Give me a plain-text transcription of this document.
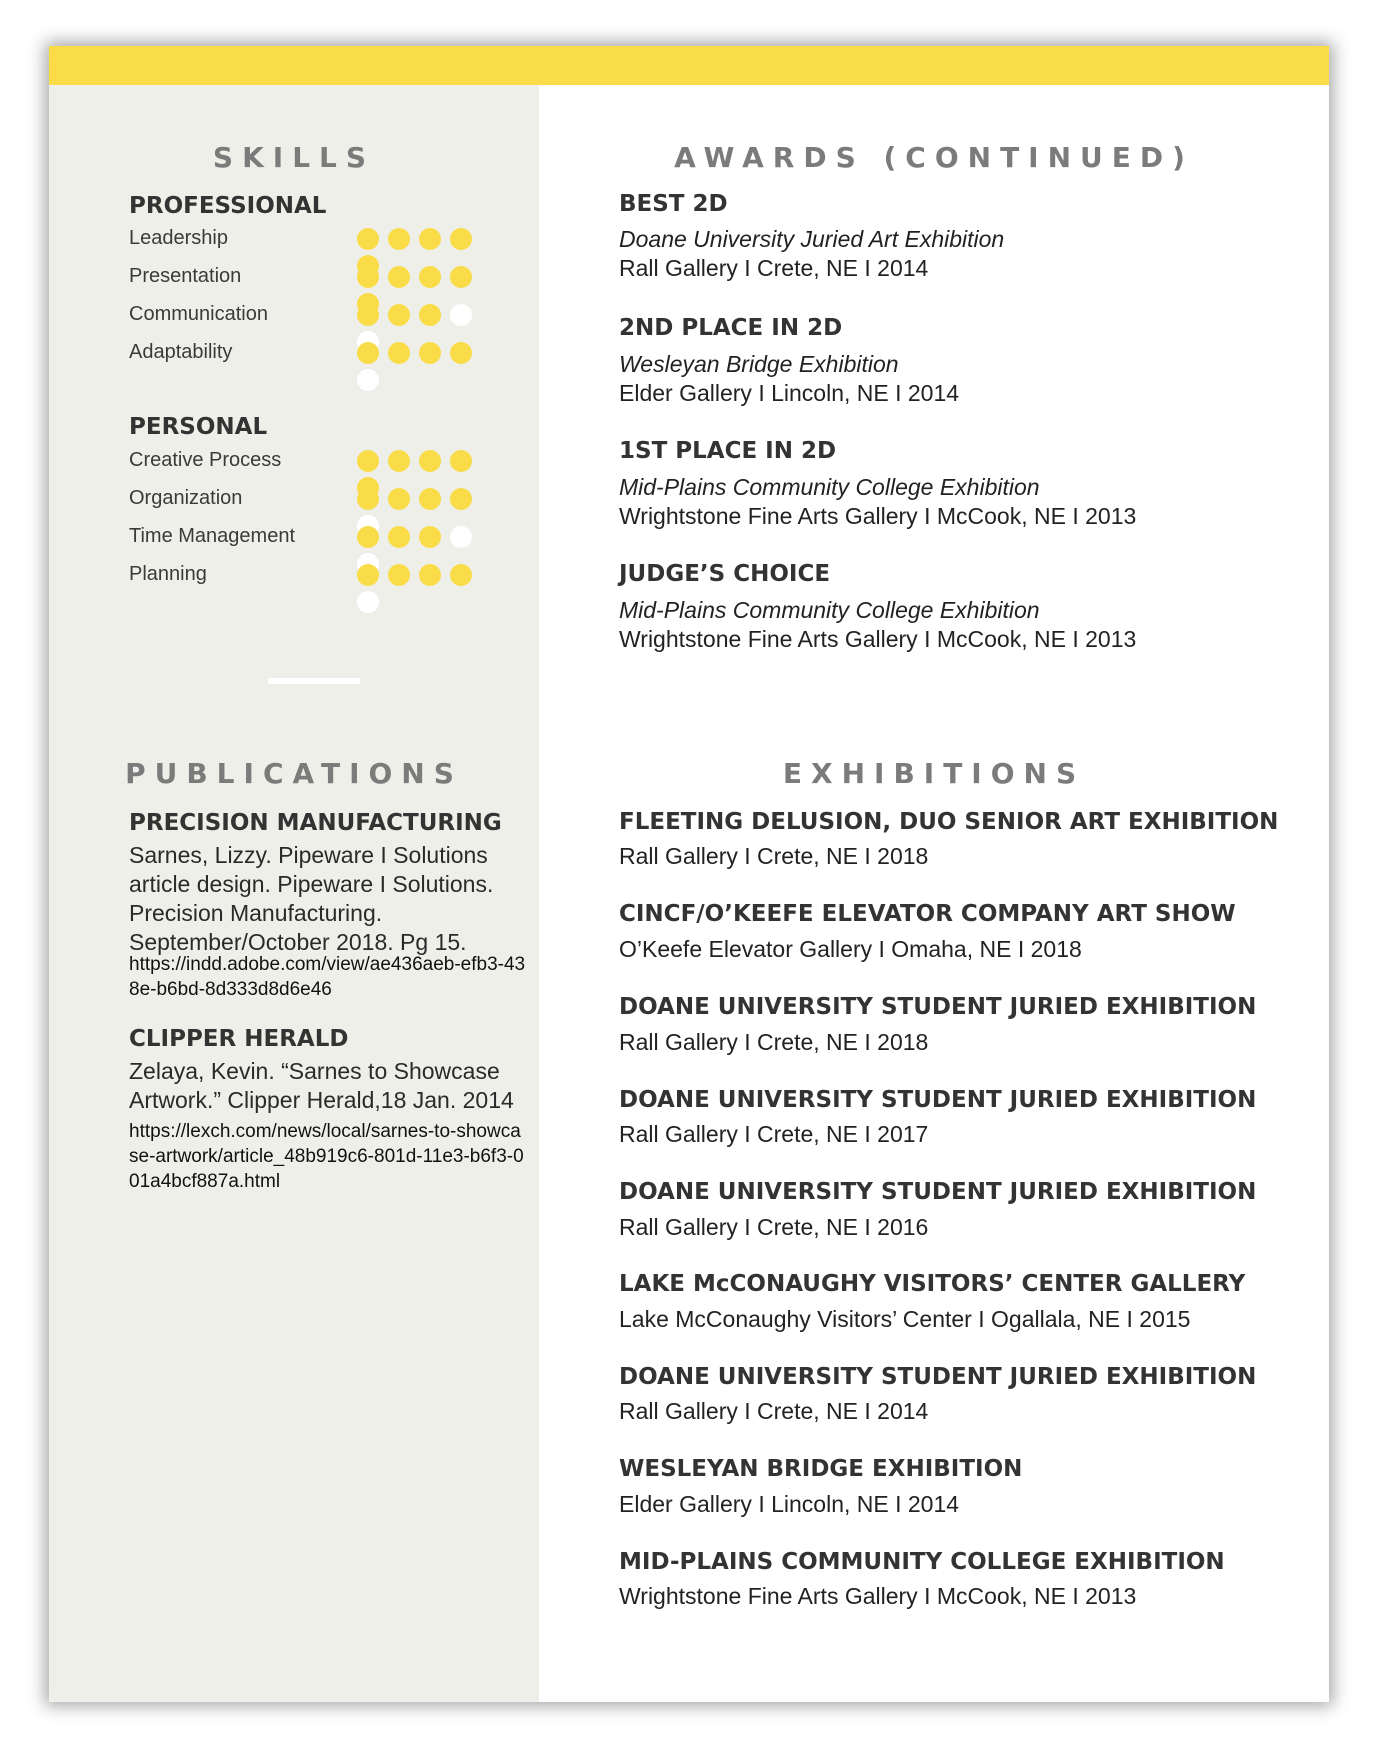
SKILLS
PROFESSIONAL
Leadership
Presentation
Communication
Adaptability
PERSONAL
Creative Process
Organization
Time Management
Planning
PUBLICATIONS
PRECISION MANUFACTURING
Sarnes, Lizzy. Pipeware I Solutions article design. Pipeware I Solutions. Precision Manufacturing. September/October 2018. Pg 15.
https://indd.adobe.com/view/ae436aeb-efb3-438e-b6bd-8d333d8d6e46
CLIPPER HERALD
Zelaya, Kevin. “Sarnes to Showcase Artwork.” Clipper Herald,18 Jan. 2014
https://lexch.com/news/local/sarnes-to-showcase-artwork/article_48b919c6-801d-11e3-b6f3-001a4bcf887a.html
AWARDS (CONTINUED)
BEST 2D
Doane University Juried Art Exhibition
Rall Gallery I Crete, NE I 2014
2ND PLACE IN 2D
Wesleyan Bridge Exhibition
Elder Gallery I Lincoln, NE I 2014
1ST PLACE IN 2D
Mid-Plains Community College Exhibition
Wrightstone Fine Arts Gallery I McCook, NE I 2013
JUDGE’S CHOICE
Mid-Plains Community College Exhibition
Wrightstone Fine Arts Gallery I McCook, NE I 2013
EXHIBITIONS
FLEETING DELUSION, DUO SENIOR ART EXHIBITION
Rall Gallery I Crete, NE I 2018
CINCF/O’KEEFE ELEVATOR COMPANY ART SHOW
O’Keefe Elevator Gallery I Omaha, NE I 2018
DOANE UNIVERSITY STUDENT JURIED EXHIBITION
Rall Gallery I Crete, NE I 2018
DOANE UNIVERSITY STUDENT JURIED EXHIBITION
Rall Gallery I Crete, NE I 2017
DOANE UNIVERSITY STUDENT JURIED EXHIBITION
Rall Gallery I Crete, NE I 2016
LAKE McCONAUGHY VISITORS’ CENTER GALLERY
Lake McConaughy Visitors’ Center I Ogallala, NE I 2015
DOANE UNIVERSITY STUDENT JURIED EXHIBITION
Rall Gallery I Crete, NE I 2014
WESLEYAN BRIDGE EXHIBITION
Elder Gallery I Lincoln, NE I 2014
MID-PLAINS COMMUNITY COLLEGE EXHIBITION
Wrightstone Fine Arts Gallery I McCook, NE I 2013
